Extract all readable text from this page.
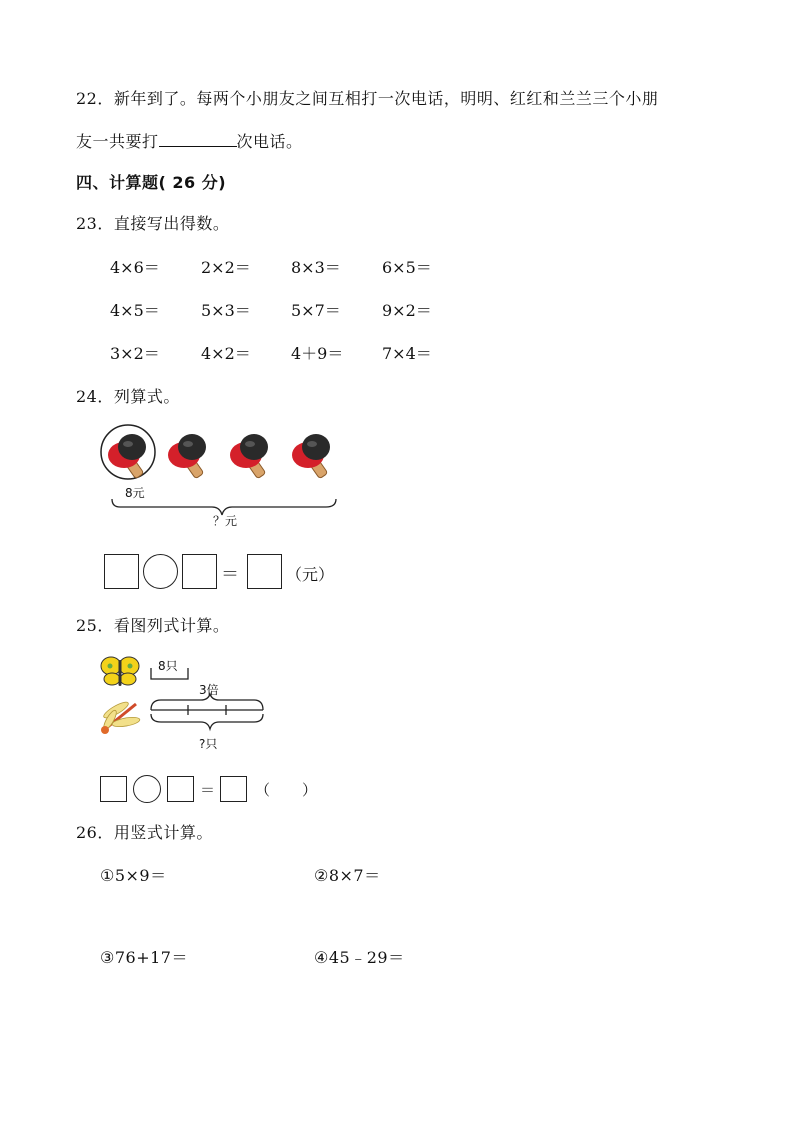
22．新年到了。每两个小朋友之间互相打一次电话，明明、红红和兰兰三个小朋
友一共要打	次电话。
四、计算题( 26 分)
23．直接写出得数。
4×6＝	2×2＝	8×3＝	6×5＝
4×5＝	5×3＝	5×7＝	9×2＝
3×2＝	4×2＝	4＋9＝ 7×4＝
24．列算式。
8元
？元
＝	（元）
25．看图列式计算。
8只
3倍
?只
＝	（ ）
26．用竖式计算。
①5×9＝	②8×7＝
③76+17＝	④45﹣29＝
